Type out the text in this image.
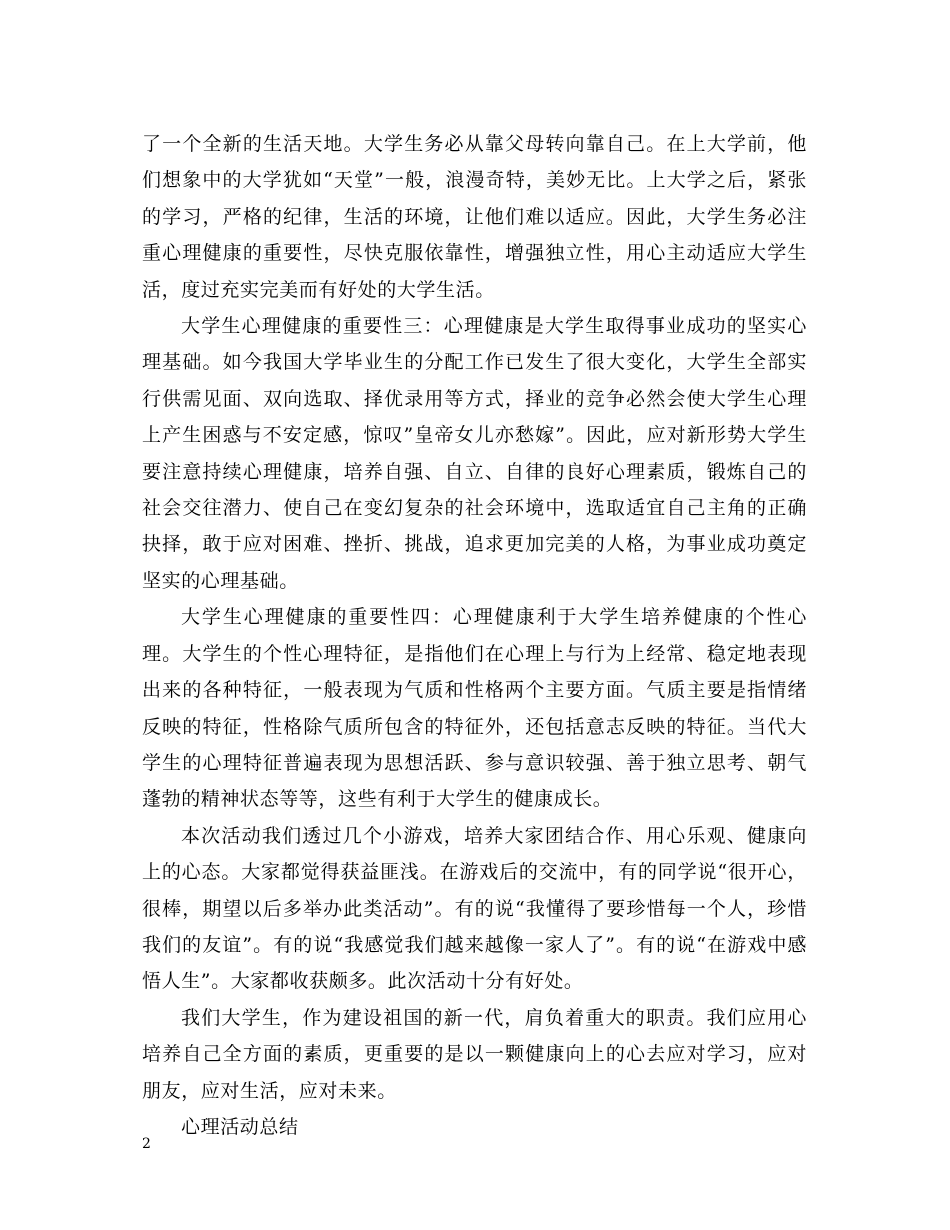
了一个全新的生活天地。大学生务必从靠父母转向靠自己。在上大学前，他们想象中的大学犹如“天堂”一般，浪漫奇特，美妙无比。上大学之后，紧张的学习，严格的纪律，生活的环境，让他们难以适应。因此，大学生务必注重心理健康的重要性，尽快克服依靠性，增强独立性，用心主动适应大学生活，度过充实完美而有好处的大学生活。

大学生心理健康的重要性三：心理健康是大学生取得事业成功的坚实心理基础。如今我国大学毕业生的分配工作已发生了很大变化，大学生全部实行供需见面、双向选取、择优录用等方式，择业的竞争必然会使大学生心理上产生困惑与不安定感，惊叹”皇帝女儿亦愁嫁”。因此，应对新形势大学生要注意持续心理健康，培养自强、自立、自律的良好心理素质，锻炼自己的社会交往潜力、使自己在变幻复杂的社会环境中，选取适宜自己主角的正确抉择，敢于应对困难、挫折、挑战，追求更加完美的人格，为事业成功奠定坚实的心理基础。

大学生心理健康的重要性四：心理健康利于大学生培养健康的个性心理。大学生的个性心理特征，是指他们在心理上与行为上经常、稳定地表现出来的各种特征，一般表现为气质和性格两个主要方面。气质主要是指情绪反映的特征，性格除气质所包含的特征外，还包括意志反映的特征。当代大学生的心理特征普遍表现为思想活跃、参与意识较强、善于独立思考、朝气蓬勃的精神状态等等，这些有利于大学生的健康成长。

本次活动我们透过几个小游戏，培养大家团结合作、用心乐观、健康向上的心态。大家都觉得获益匪浅。在游戏后的交流中，有的同学说“很开心，很棒，期望以后多举办此类活动”。有的说“我懂得了要珍惜每一个人，珍惜我们的友谊”。有的说“我感觉我们越来越像一家人了”。有的说“在游戏中感悟人生”。大家都收获颇多。此次活动十分有好处。

我们大学生，作为建设祖国的新一代，肩负着重大的职责。我们应用心培养自己全方面的素质，更重要的是以一颗健康向上的心去应对学习，应对朋友，应对生活，应对未来。

心理活动总结

2
